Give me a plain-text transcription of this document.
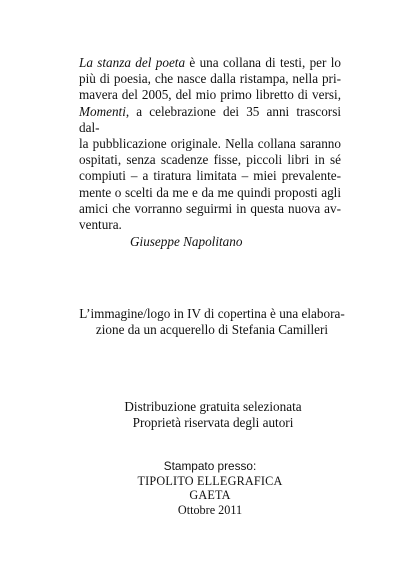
La stanza del poeta è una collana di testi, per lo
più di poesia, che nasce dalla ristampa, nella pri-
mavera del 2005, del mio primo libretto di versi,
Momenti, a celebrazione dei 35 anni trascorsi dal-
la pubblicazione originale. Nella collana saranno
ospitati, senza scadenze fisse, piccoli libri in sé
compiuti – a tiratura limitata – miei prevalente-
mente o scelti da me e da me quindi proposti agli
amici che vorranno seguirmi in questa nuova av-
ventura.
Giuseppe Napolitano
L’immagine/logo in IV di copertina è una elabora-
zione da un acquerello di Stefania Camilleri
Distribuzione gratuita selezionata
Proprietà riservata degli autori
Stampato presso:
TIPOLITO ELLEGRAFICA
GAETA
Ottobre 2011
